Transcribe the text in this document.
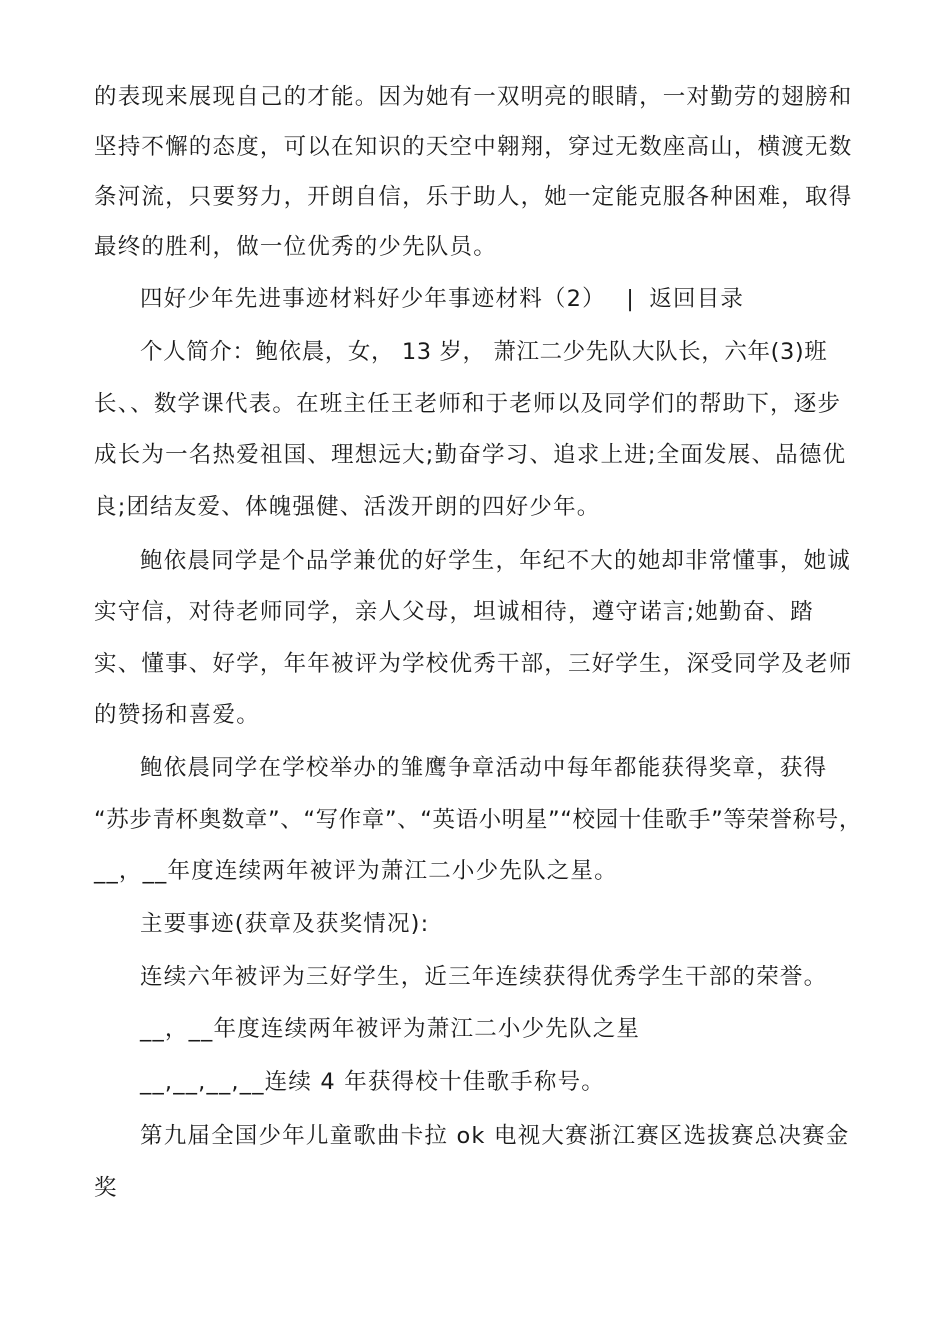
的表现来展现自己的才能。因为她有一双明亮的眼睛，一对勤劳的翅膀和
坚持不懈的态度，可以在知识的天空中翱翔，穿过无数座高山，横渡无数
条河流，只要努力，开朗自信，乐于助人，她一定能克服各种困难，取得
最终的胜利，做一位优秀的少先队员。
四好少年先进事迹材料好少年事迹材料（2） | 返回目录
个人简介：鲍依晨，女， 13 岁， 萧江二少先队大队长，六年(3)班
长、、数学课代表。在班主任王老师和于老师以及同学们的帮助下，逐步
成长为一名热爱祖国、理想远大;勤奋学习、追求上进;全面发展、品德优
良;团结友爱、体魄强健、活泼开朗的四好少年。
鲍依晨同学是个品学兼优的好学生，年纪不大的她却非常懂事，她诚
实守信，对待老师同学，亲人父母，坦诚相待，遵守诺言;她勤奋、踏
实、懂事、好学，年年被评为学校优秀干部，三好学生，深受同学及老师
的赞扬和喜爱。
鲍依晨同学在学校举办的雏鹰争章活动中每年都能获得奖章，获得
“苏步青杯奥数章”、“写作章”、“英语小明星”“校园十佳歌手”等荣誉称号，
__，__年度连续两年被评为萧江二小少先队之星。
主要事迹(获章及获奖情况):
连续六年被评为三好学生，近三年连续获得优秀学生干部的荣誉。
__，__年度连续两年被评为萧江二小少先队之星
__,__,__,__连续 4 年获得校十佳歌手称号。
第九届全国少年儿童歌曲卡拉 ok 电视大赛浙江赛区选拔赛总决赛金
奖
